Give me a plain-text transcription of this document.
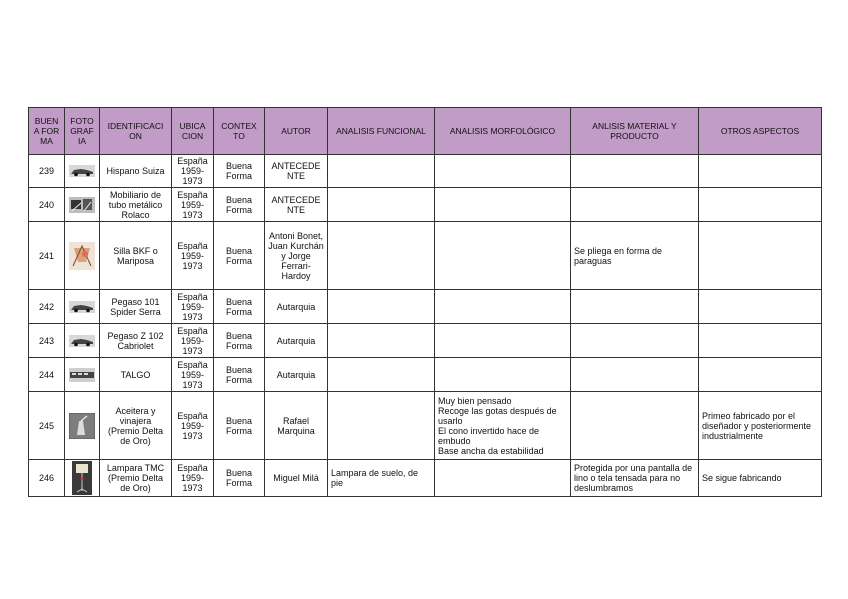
BUEN A FOR MA	FOTO GRAF IA	IDENTIFICACI ON	UBICA CION	CONTEX TO	AUTOR	ANALISIS FUNCIONAL	ANALISIS MORFOLÓGICO	ANLISIS MATERIAL Y PRODUCTO	OTROS ASPECTOS
239		Hispano Suiza	España 1959-1973	Buena Forma	ANTECEDE NTE				
240		Mobiliario de tubo metálico Rolaco	España 1959-1973	Buena Forma	ANTECEDE NTE				
241		Silla BKF o Mariposa	España 1959-1973	Buena Forma	Antoni Bonet, Juan Kurchán y Jorge Ferrari-Hardoy			Se pliega en forma de paraguas	
242		Pegaso 101 Spider Serra	España 1959-1973	Buena Forma	Autarquia				
243		Pegaso Z 102 Cabriolet	España 1959-1973	Buena Forma	Autarquia				
244		TALGO	España 1959-1973	Buena Forma	Autarquia				
245		Aceitera y vinajera (Premio Delta de Oro)	España 1959-1973	Buena Forma	Rafael Marquina		Muy bien pensado
Recoge las gotas después de usarlo
El cono invertido hace de embudo
Base ancha da estabilidad		Primeo fabricado por el diseñador y posteriormente industrialmente
246		Lampara TMC (Premio Delta de Oro)	España 1959-1973	Buena Forma	Miguel Milá	Lampara de suelo, de pie		Protegida por una pantalla de lino o tela tensada para no deslumbramos	Se sigue fabricando
